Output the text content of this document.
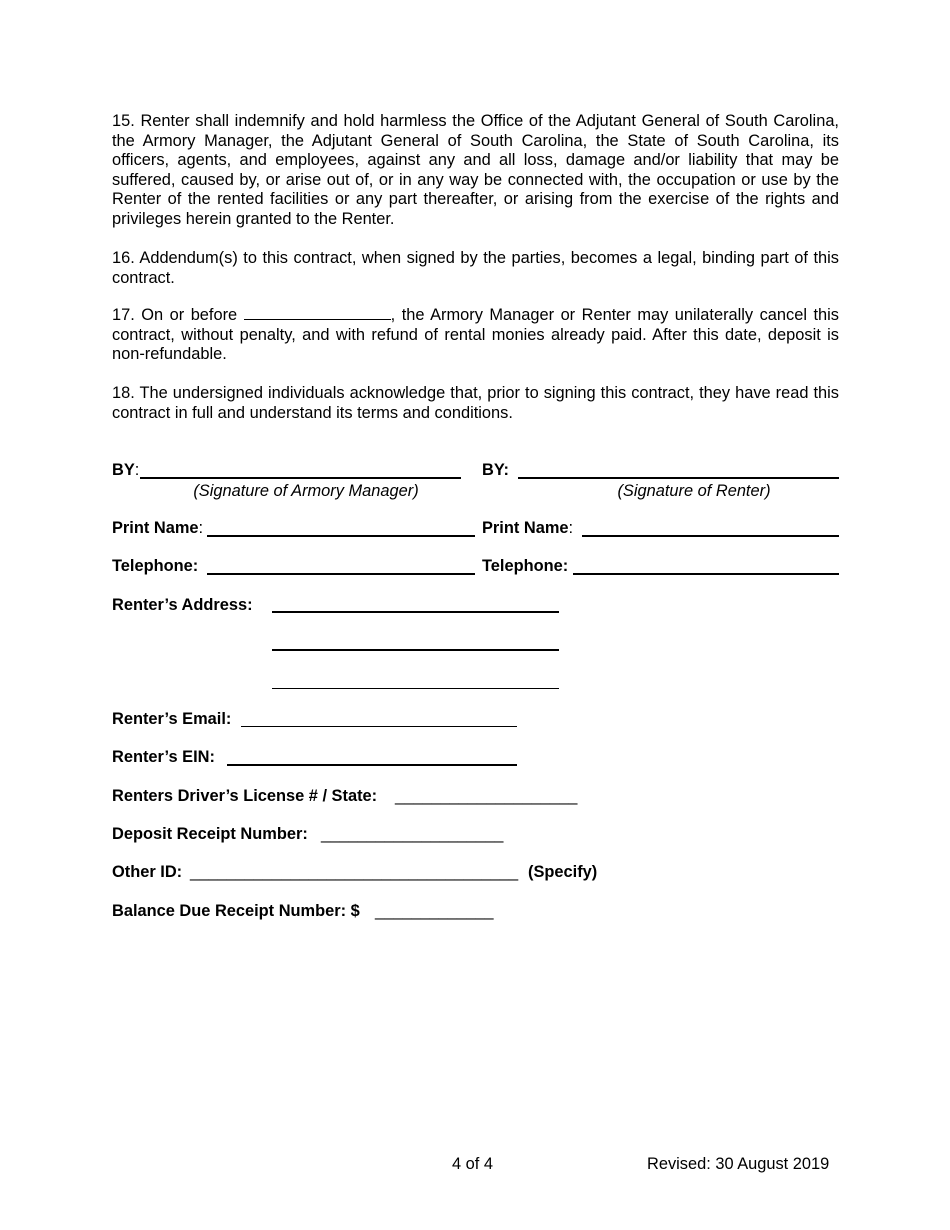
15. Renter shall indemnify and hold harmless the Office of the Adjutant General of South Carolina, the Armory Manager, the Adjutant General of South Carolina, the State of South Carolina, its officers, agents, and employees, against any and all loss, damage and/or liability that may be suffered, caused by, or arise out of, or in any way be connected with, the occupation or use by the Renter of the rented facilities or any part thereafter, or arising from the exercise of the rights and privileges herein granted to the Renter.

16. Addendum(s) to this contract, when signed by the parties, becomes a legal, binding part of this contract.

17. On or before	, the Armory Manager or Renter may unilaterally cancel this contract, without penalty, and with refund of rental monies already paid. After this date, deposit is non-refundable.

18. The undersigned individuals acknowledge that, prior to signing this contract, they have read this contract in full and understand its terms and conditions.

BY:
(Signature of Armory Manager)
Print Name:
Telephone:
BY:
(Signature of Renter)
Print Name:
Telephone:
Renter’s Address:
Renter’s Email:
Renter’s EIN:
Renters Driver’s License # / State: ____________________
Deposit Receipt Number: ____________________
Other ID: ____________________________________ (Specify)
Balance Due Receipt Number: $ _____________
4 of 4	Revised: 30 August 2019
